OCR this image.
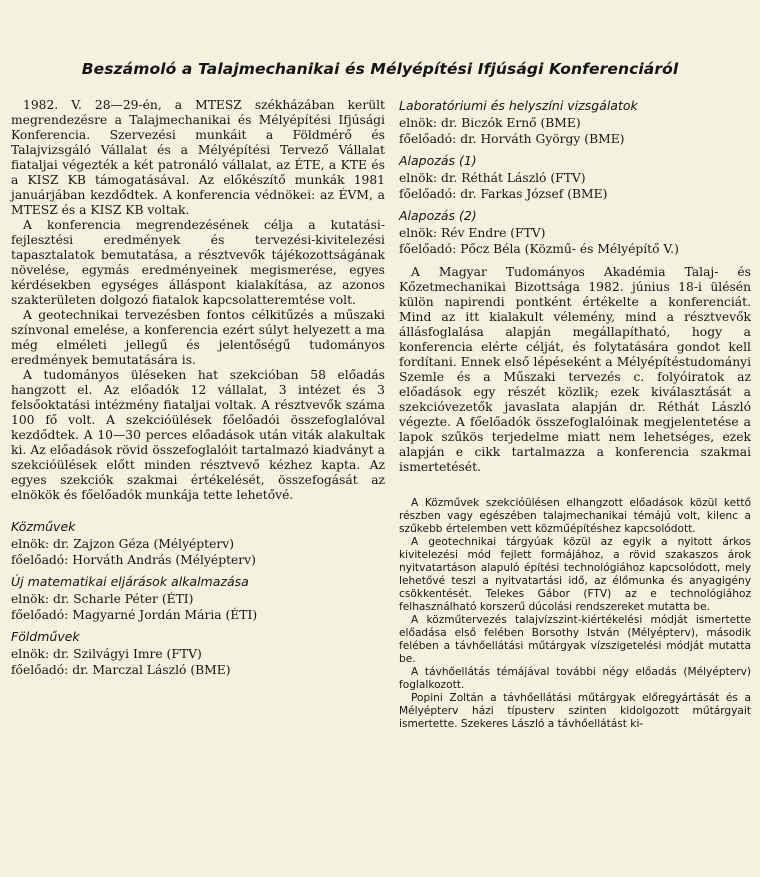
Beszámoló a Talajmechanikai és Mélyépítési Ifjúsági Konferenciáról

1982. V. 28—29-én, a MTESZ székházában került megrendezésre a Talajmechanikai és Mélyépítési Ifjúsági Konferencia. Szervezési munkáit a Földmérő és Talajvizsgáló Vállalat és a Mélyépítési Tervező Vállalat fiataljai végezték a két patronáló vállalat, az ÉTE, a KTE és a KISZ KB támogatásával. Az előkészítő munkák 1981 januárjában kezdődtek. A konferencia védnökei: az ÉVM, a MTESZ és a KISZ KB voltak.

A konferencia megrendezésének célja a kutatási-fejlesztési eredmények és tervezési-kivitelezési tapasztalatok bemutatása, a résztvevők tájékozottságának növelése, egymás eredményeinek megismerése, egyes kérdésekben egységes álláspont kialakítása, az azonos szakterületen dolgozó fiatalok kapcsolatteremtése volt.

A geotechnikai tervezésben fontos célkitűzés a műszaki színvonal emelése, a konferencia ezért súlyt helyezett a ma még elméleti jellegű és jelentőségű tudományos eredmények bemutatására is.

A tudományos üléseken hat szekcióban 58 előadás hangzott el. Az előadók 12 vállalat, 3 intézet és 3 felsőoktatási intézmény fiataljai voltak. A résztvevők száma 100 fő volt. A szekcióülések főelőadói összefoglalóval kezdődtek. A 10—30 perces előadások után viták alakultak ki. Az előadások rövid összefoglalóit tartalmazó kiadványt a szekcióülések előtt minden résztvevő kézhez kapta. Az egyes szekciók szakmai értékelését, összefogását az elnökök és főelőadók munkája tette lehetővé.

Közművek

elnök: dr. Zajzon Géza (Mélyépterv)

főelőadó: Horváth András (Mélyépterv)

Új matematikai eljárások alkalmazása

elnök: dr. Scharle Péter (ÉTI)

főelőadó: Magyarné Jordán Mária (ÉTI)

Földművek

elnök: dr. Szilvágyi Imre (FTV)

főelőadó: dr. Marczal László (BME)

Laboratóriumi és helyszíni vizsgálatok

elnök: dr. Biczók Ernő (BME)

főelőadó: dr. Horváth György (BME)

Alapozás (1)

elnök: dr. Réthát László (FTV)

főelőadó: dr. Farkas József (BME)

Alapozás (2)

elnök: Rév Endre (FTV)

főelőadó: Pőcz Béla (Közmű- és Mélyépítő V.)

A Magyar Tudományos Akadémia Talaj- és Kőzetmechanikai Bizottsága 1982. június 18-i ülésén külön napirendi pontként értékelte a konferenciát. Mind az itt kialakult vélemény, mind a résztvevők állásfoglalása alapján megállapítható, hogy a konferencia elérte célját, és folytatására gondot kell fordítani. Ennek első lépéseként a Mélyépítéstudományi Szemle és a Műszaki tervezés c. folyóiratok az előadások egy részét közlik; ezek kiválasztását a szekcióvezetők javaslata alapján dr. Réthát László végezte. A főelőadók összefoglalóinak megjelentetése a lapok szűkös terjedelme miatt nem lehetséges, ezek alapján e cikk tartalmazza a konferencia szakmai ismertetését.

A Közművek szekcióülésen elhangzott előadások közül kettő részben vagy egészében talajmechanikai témájú volt, kilenc a szűkebb értelemben vett közműépítéshez kapcsolódott.

A geotechnikai tárgyúak közül az egyik a nyitott árkos kivitelezési mód fejlett formájához, a rövid szakaszos árok nyitvatartáson alapuló építési technológiához kapcsolódott, mely lehetővé teszi a nyitvatartási idő, az élőmunka és anyagigény csökkentését. Telekes Gábor (FTV) az e technológiához felhasználható korszerű dúcolási rendszereket mutatta be.

A közműtervezés talajvízszint-kiértékelési módját ismertette előadása első felében Borsothy István (Mélyépterv), második felében a távhőellátási műtárgyak vízszigetelési módját mutatta be.

A távhőellátás témájával további négy előadás (Mélyépterv) foglalkozott.

Popini Zoltán a távhőellátási műtárgyak előregyártását és a Mélyépterv házi típusterv szinten kidolgozott műtárgyait ismertette. Szekeres László a távhőellátást ki-
